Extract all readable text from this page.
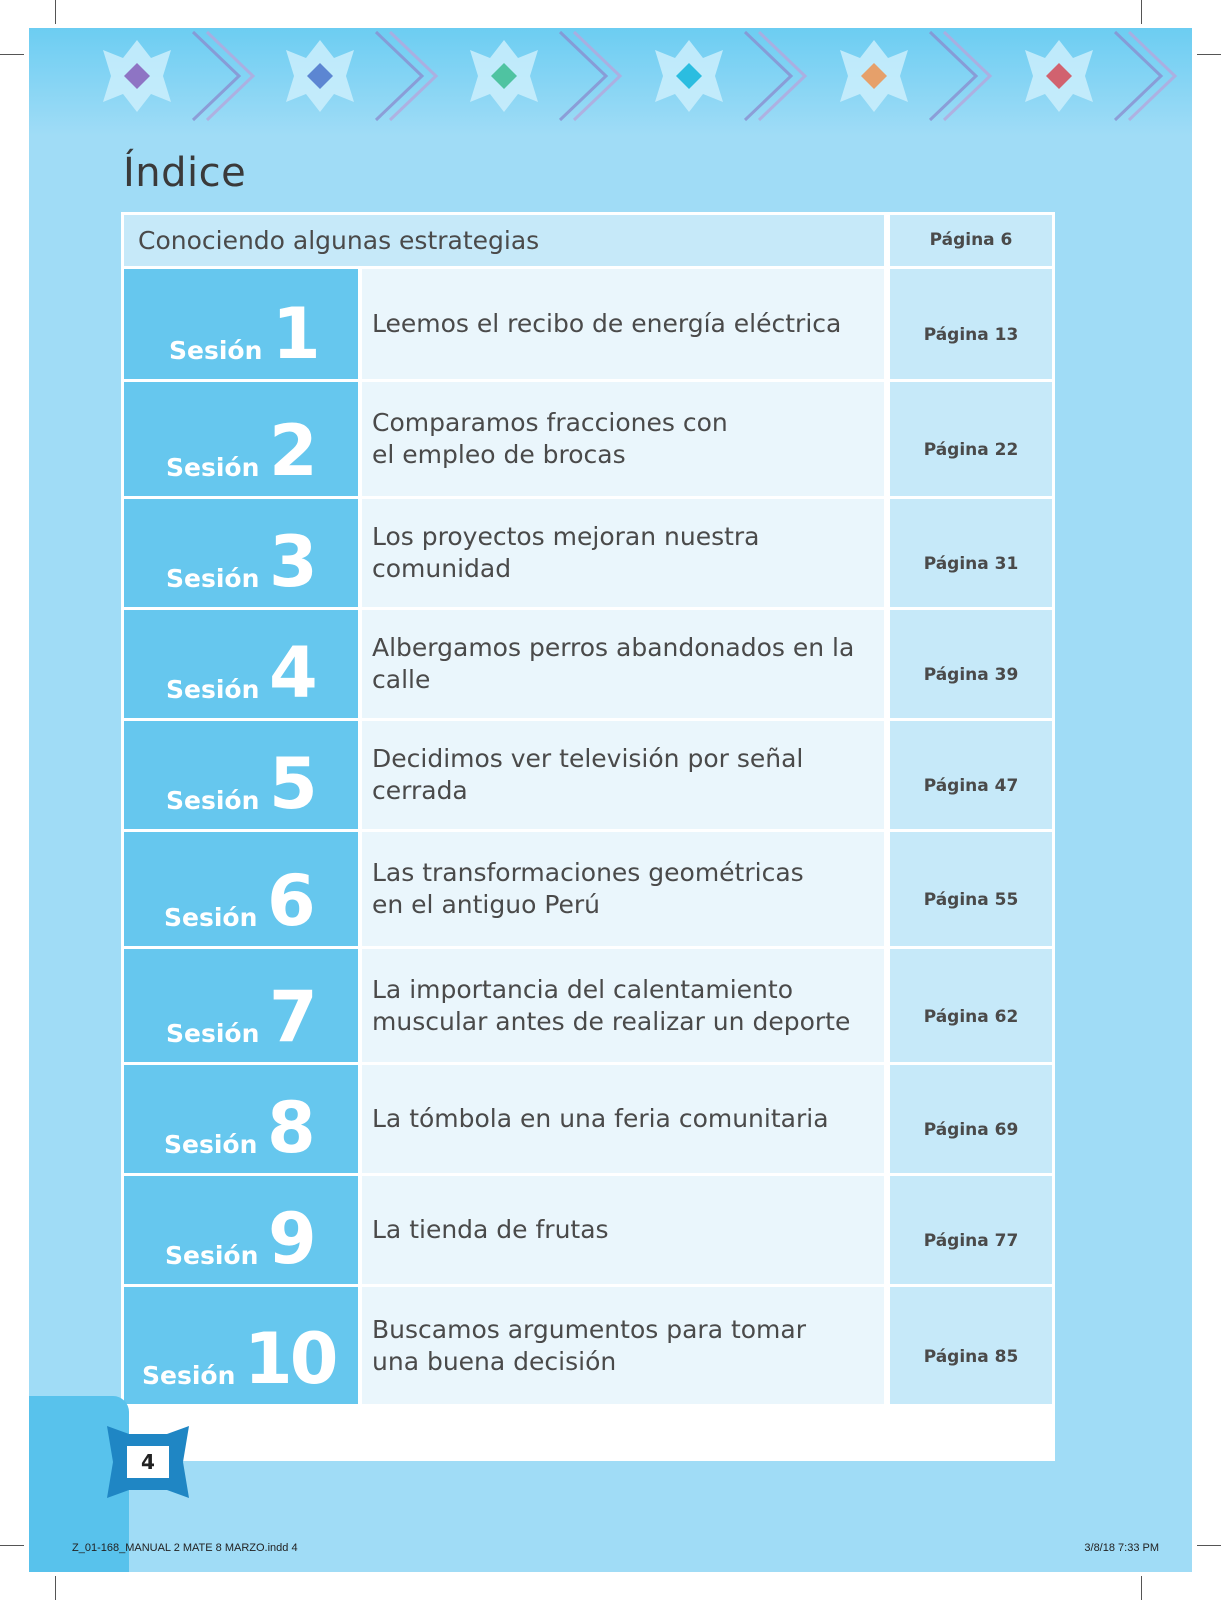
Índice
Conociendo algunas estrategias	Página 6
Sesión 1 Leemos el recibo de energía eléctrica	Página 13
Sesión 2 Comparamos fracciones con
el empleo de brocas	Página 22
Sesión 3 Los proyectos mejoran nuestra comunidad	Página 31
Sesión 4 Albergamos perros abandonados en la calle	Página 39
Sesión 5 Decidimos ver televisión por señal cerrada	Página 47
Sesión 6 Las transformaciones geométricas
en el antiguo Perú	Página 55
Sesión 7 La importancia del calentamiento
muscular antes de realizar un deporte	Página 62
Sesión 8 La tómbola en una feria comunitaria	Página 69
Sesión 9 La tienda de frutas	Página 77
Sesión 10 Buscamos argumentos para tomar
una buena decisión	Página 85
4
Z_01-168_MANUAL 2 MATE 8 MARZO.indd 4	3/8/18 7:33 PM
